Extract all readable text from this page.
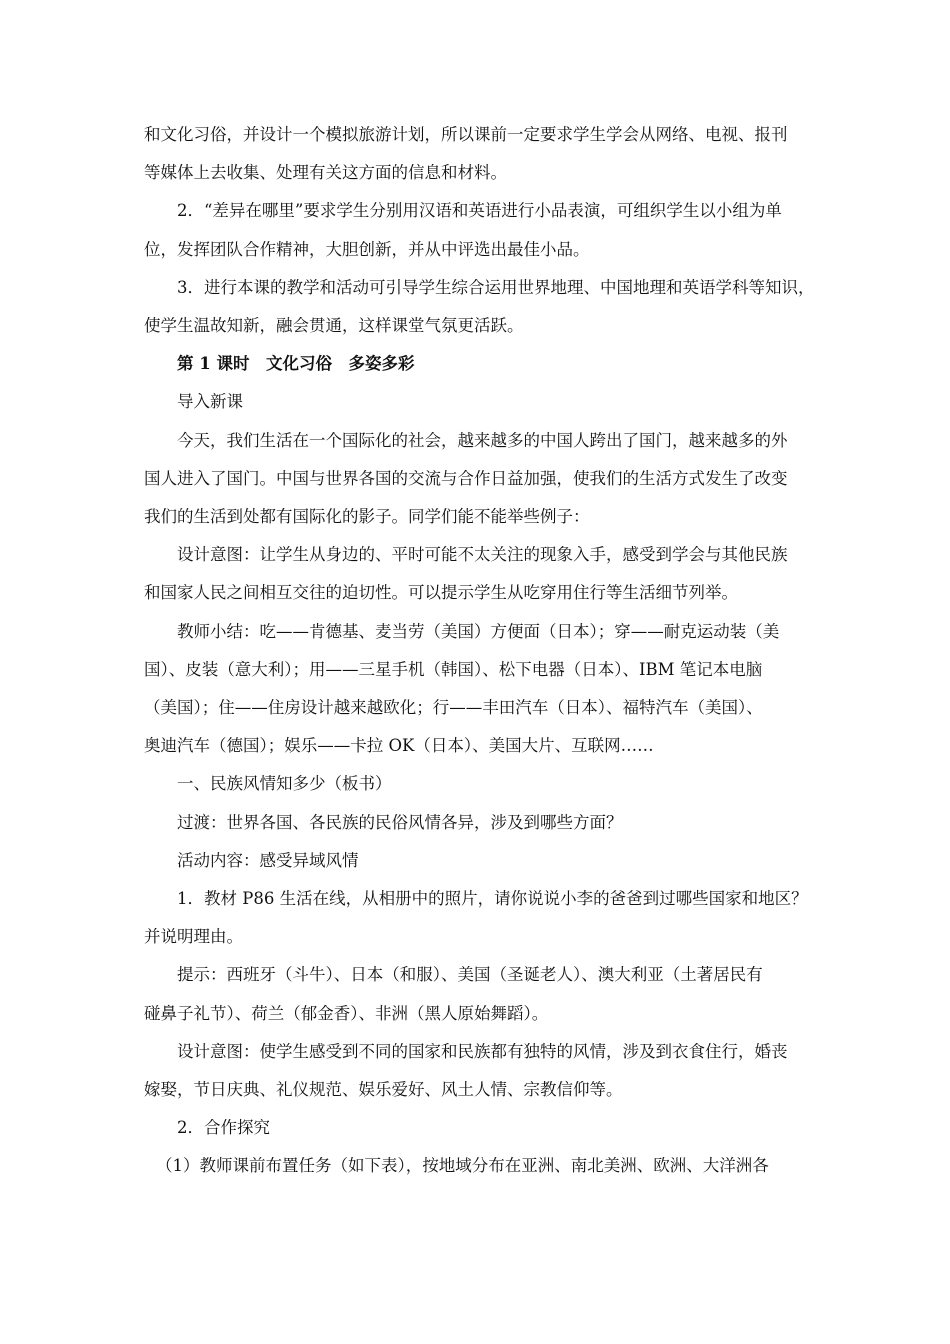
和文化习俗，并设计一个模拟旅游计划，所以课前一定要求学生学会从网络、电视、报刊
等媒体上去收集、处理有关这方面的信息和材料。

2．“差异在哪里”要求学生分别用汉语和英语进行小品表演，可组织学生以小组为单
位，发挥团队合作精神，大胆创新，并从中评选出最佳小品。

3．进行本课的教学和活动可引导学生综合运用世界地理、中国地理和英语学科等知识，
使学生温故知新，融会贯通，这样课堂气氛更活跃。

第 1 课时　文化习俗　多姿多彩

导入新课

今天，我们生活在一个国际化的社会，越来越多的中国人跨出了国门，越来越多的外
国人进入了国门。中国与世界各国的交流与合作日益加强，使我们的生活方式发生了改变
我们的生活到处都有国际化的影子。同学们能不能举些例子：

设计意图：让学生从身边的、平时可能不太关注的现象入手，感受到学会与其他民族
和国家人民之间相互交往的迫切性。可以提示学生从吃穿用住行等生活细节列举。

教师小结：吃——肯德基、麦当劳（美国）方便面（日本）；穿——耐克运动装（美
国）、皮装（意大利）；用——三星手机（韩国）、松下电器（日本）、IBM 笔记本电脑
（美国）；住——住房设计越来越欧化；行——丰田汽车（日本）、福特汽车（美国）、
奥迪汽车（德国）；娱乐——卡拉 OK（日本）、美国大片、互联网……

一、民族风情知多少（板书）

过渡：世界各国、各民族的民俗风情各异，涉及到哪些方面？

活动内容：感受异域风情

1．教材 P86 生活在线，从相册中的照片，请你说说小李的爸爸到过哪些国家和地区？
并说明理由。

提示：西班牙（斗牛）、日本（和服）、美国（圣诞老人）、澳大利亚（土著居民有
碰鼻子礼节）、荷兰（郁金香）、非洲（黑人原始舞蹈）。

设计意图：使学生感受到不同的国家和民族都有独特的风情，涉及到衣食住行，婚丧
嫁娶，节日庆典、礼仪规范、娱乐爱好、风土人情、宗教信仰等。

2．合作探究

（1）教师课前布置任务（如下表），按地域分布在亚洲、南北美洲、欧洲、大洋洲各
